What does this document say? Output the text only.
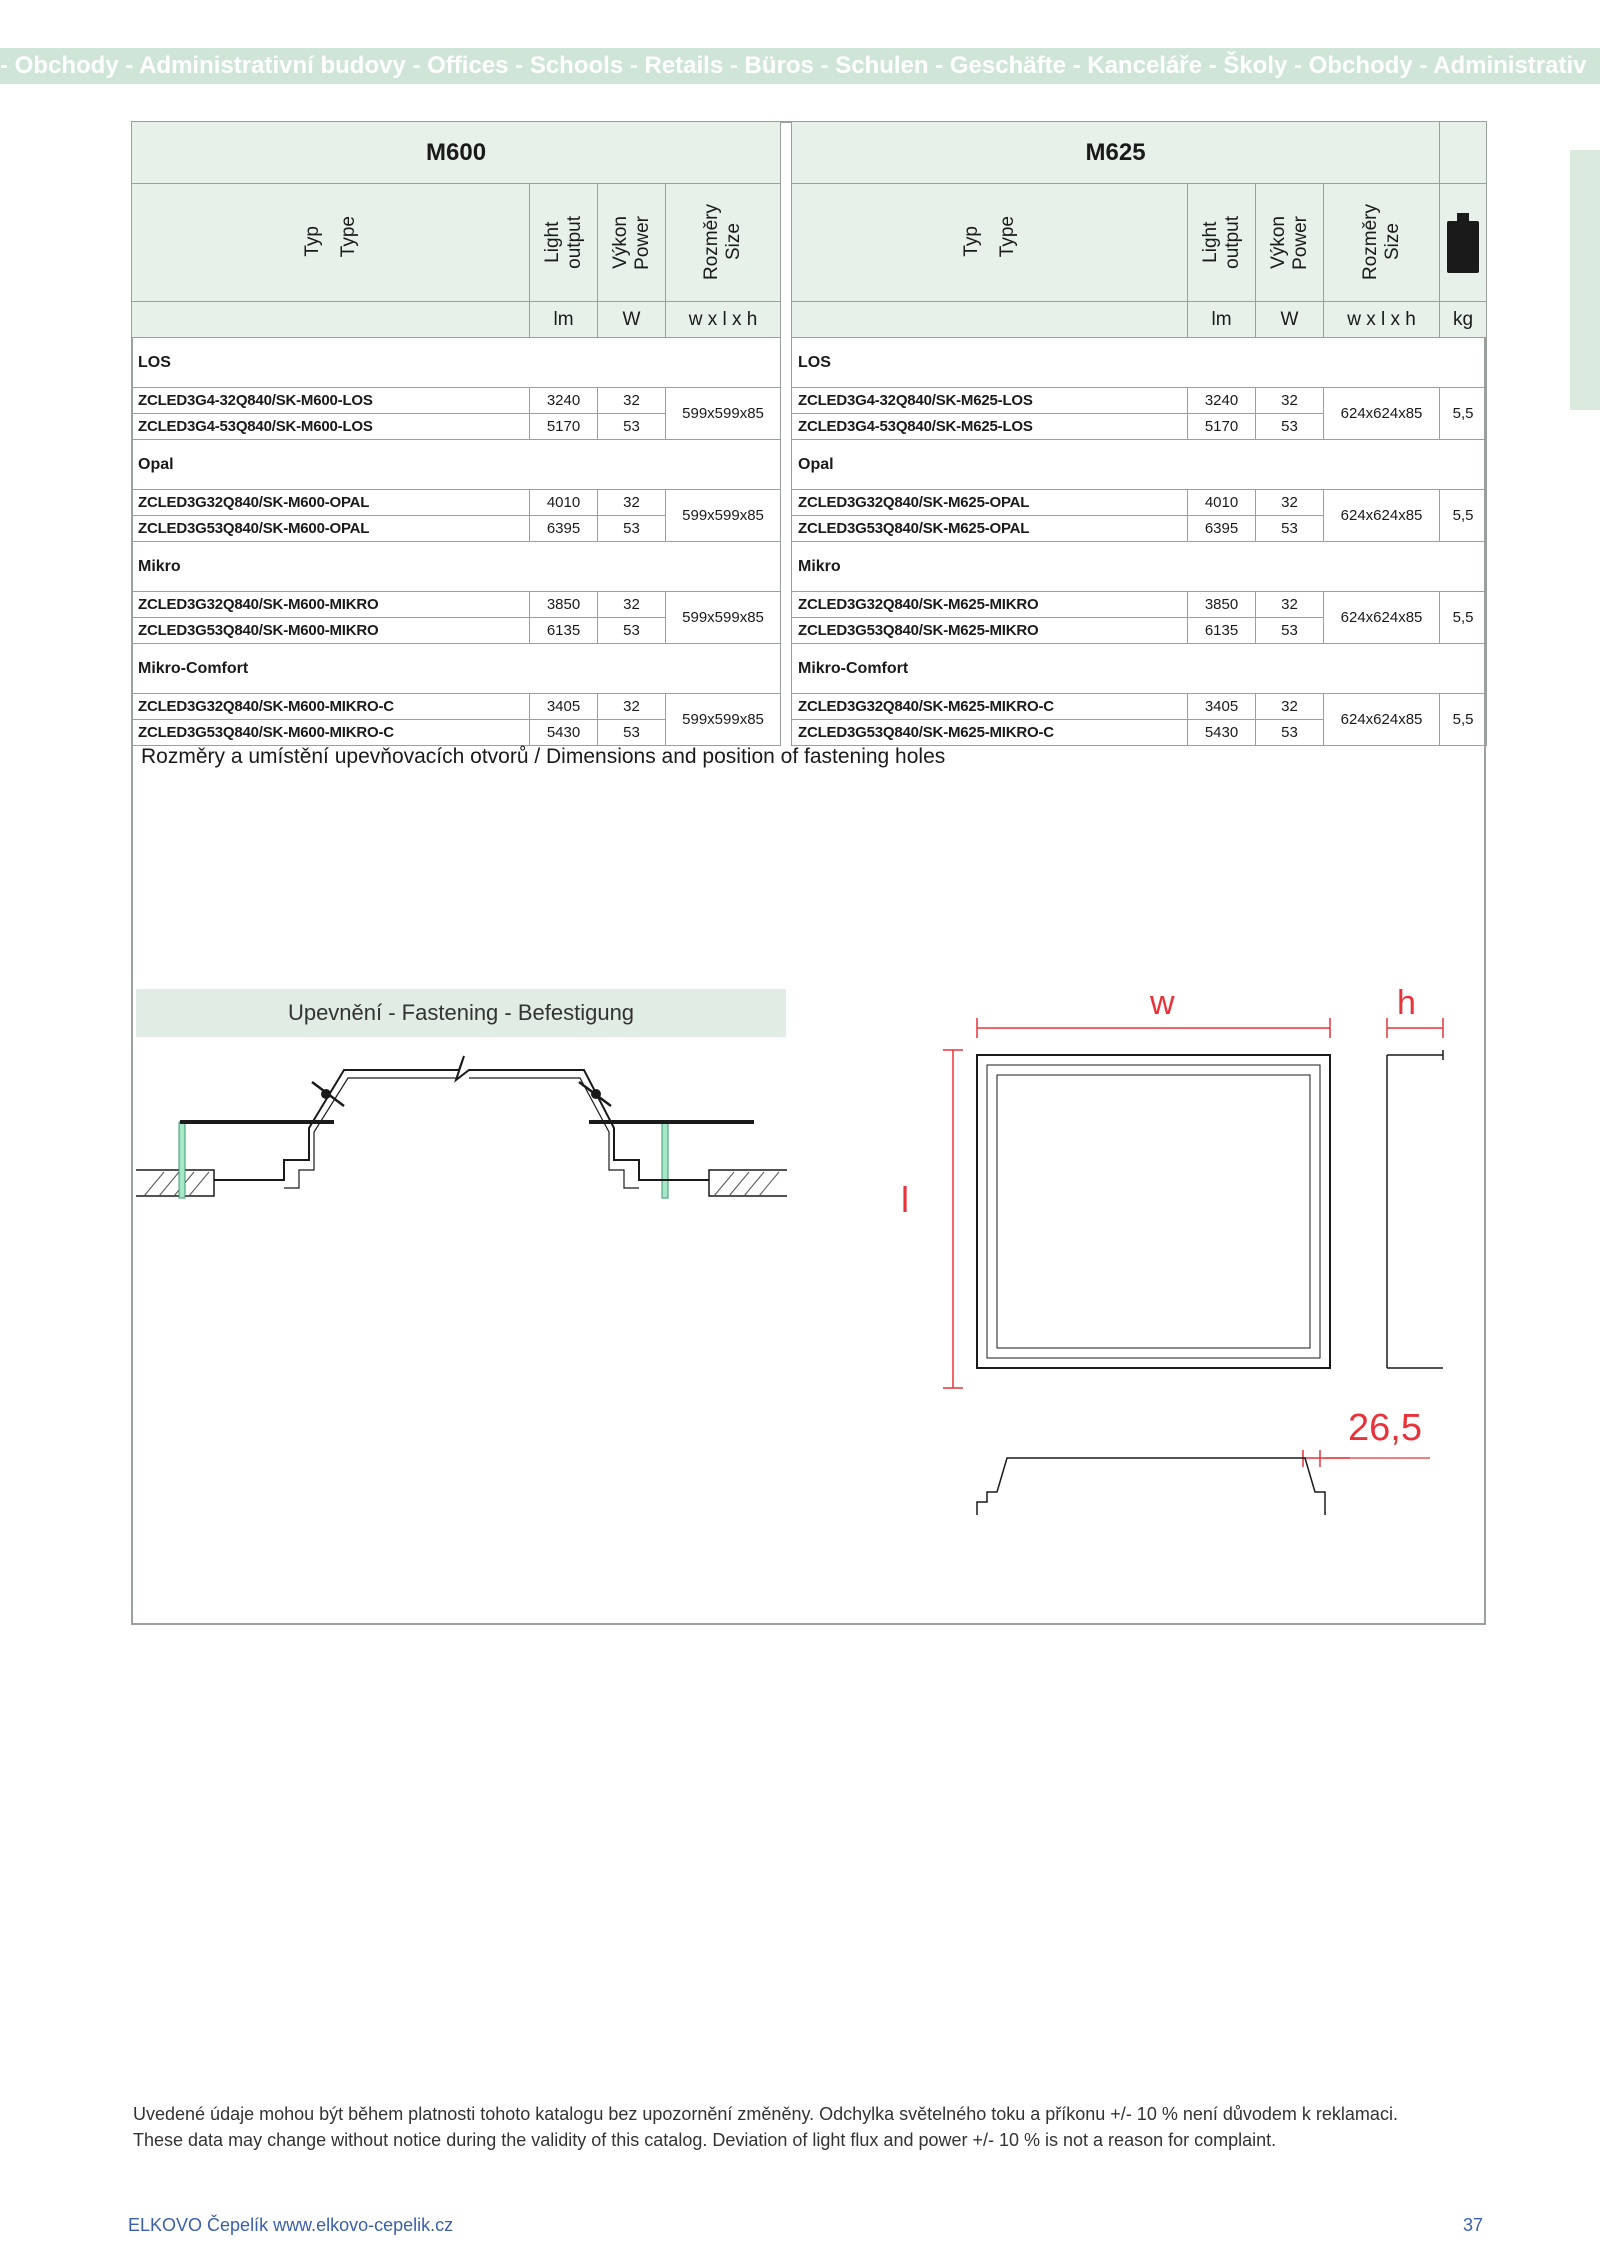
- Obchody - Administrativní budovy - Offices - Schools - Retails - Büros - Schulen - Geschäfte - Kanceláře - Školy - Obchody - Administrativ
M600			

Typ Type	Light output	Výkon Power	Rozměry Size

	lm	W	w x l x h
LOS			
ZCLED3G4-32Q840/SK-M600-LOS	3240	32	599x599x85
ZCLED3G4-53Q840/SK-M600-LOS	5170	53	
Opal			
ZCLED3G32Q840/SK-M600-OPAL	4010	32	599x599x85
ZCLED3G53Q840/SK-M600-OPAL	6395	53	
Mikro			
ZCLED3G32Q840/SK-M600-MIKRO	3850	32	599x599x85
ZCLED3G53Q840/SK-M600-MIKRO	6135	53	
Mikro-Comfort			
ZCLED3G32Q840/SK-M600-MIKRO-C	3405	32	599x599x85
ZCLED3G53Q840/SK-M600-MIKRO-C	5430	53	
M625				

Typ Type	Light output	Výkon Power	Rozměry Size

	lm	W	w x l x h	kg
LOS				
ZCLED3G4-32Q840/SK-M625-LOS	3240	32	624x624x85	5,5
ZCLED3G4-53Q840/SK-M625-LOS	5170	53		
Opal				
ZCLED3G32Q840/SK-M625-OPAL	4010	32	624x624x85	5,5
ZCLED3G53Q840/SK-M625-OPAL	6395	53		
Mikro				
ZCLED3G32Q840/SK-M625-MIKRO	3850	32	624x624x85	5,5
ZCLED3G53Q840/SK-M625-MIKRO	6135	53		
Mikro-Comfort				
ZCLED3G32Q840/SK-M625-MIKRO-C	3405	32	624x624x85	5,5
ZCLED3G53Q840/SK-M625-MIKRO-C	5430	53		
Rozměry a umístění upevňovacích otvorů / Dimensions and position of fastening holes
Upevnění - Fastening - Befestigung	w	h
l
26,5
Uvedené údaje mohou být během platnosti tohoto katalogu bez upozornění změněny. Odchylka světelného toku a příkonu +/- 10 % není důvodem k reklamaci.
These data may change without notice during the validity of this catalog. Deviation of light flux and power +/- 10 % is not a reason for complaint.
ELKOVO Čepelík www.elkovo-cepelik.cz	37
